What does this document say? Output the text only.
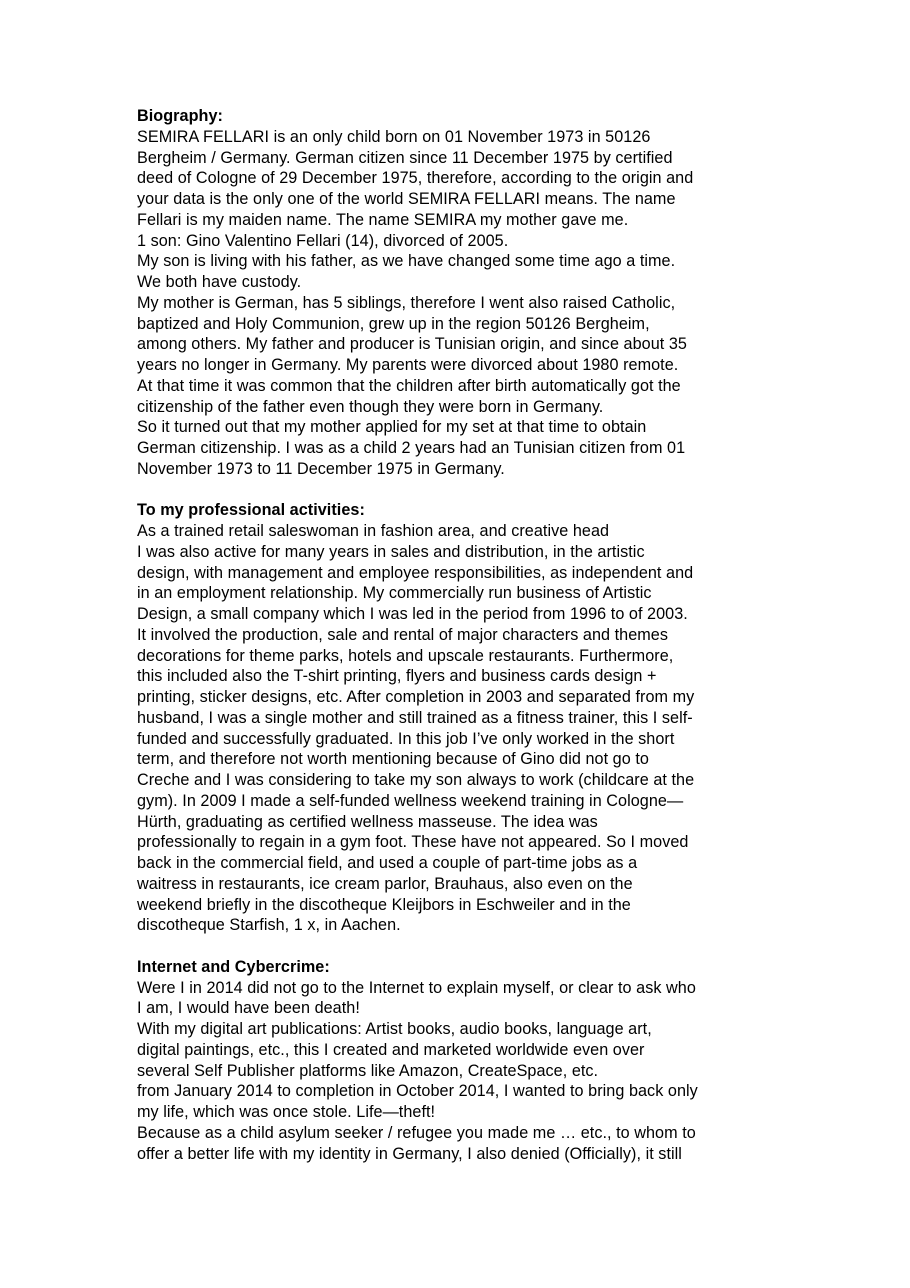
Biography:
SEMIRA FELLARI is an only child born on 01 November 1973 in 50126
Bergheim / Germany. German citizen since 11 December 1975 by certified
deed of Cologne of 29 December 1975, therefore, according to the origin and
your data is the only one of the world SEMIRA FELLARI means. The name
Fellari is my maiden name. The name SEMIRA my mother gave me.
1 son: Gino Valentino Fellari (14), divorced of 2005.
My son is living with his father, as we have changed some time ago a time.
We both have custody.
My mother is German, has 5 siblings, therefore I went also raised Catholic,
baptized and Holy Communion, grew up in the region 50126 Bergheim,
among others. My father and producer is Tunisian origin, and since about 35
years no longer in Germany. My parents were divorced about 1980 remote.
At that time it was common that the children after birth automatically got the
citizenship of the father even though they were born in Germany.
So it turned out that my mother applied for my set at that time to obtain
German citizenship. I was as a child 2 years had an Tunisian citizen from 01
November 1973 to 11 December 1975 in Germany.
To my professional activities:
As a trained retail saleswoman in fashion area, and creative head
I was also active for many years in sales and distribution, in the artistic
design, with management and employee responsibilities, as independent and
in an employment relationship. My commercially run business of Artistic
Design, a small company which I was led in the period from 1996 to of 2003.
It involved the production, sale and rental of major characters and themes
decorations for theme parks, hotels and upscale restaurants. Furthermore,
this included also the T-shirt printing, flyers and business cards design +
printing, sticker designs, etc. After completion in 2003 and separated from my
husband, I was a single mother and still trained as a fitness trainer, this I self-
funded and successfully graduated. In this job I’ve only worked in the short
term, and therefore not worth mentioning because of Gino did not go to
Creche and I was considering to take my son always to work (childcare at the
gym). In 2009 I made a self-funded wellness weekend training in Cologne—
Hürth, graduating as certified wellness masseuse. The idea was
professionally to regain in a gym foot. These have not appeared. So I moved
back in the commercial field, and used a couple of part-time jobs as a
waitress in restaurants, ice cream parlor, Brauhaus, also even on the
weekend briefly in the discotheque Kleijbors in Eschweiler and in the
discotheque Starfish, 1 x, in Aachen.
Internet and Cybercrime:
Were I in 2014 did not go to the Internet to explain myself, or clear to ask who
I am, I would have been death!
With my digital art publications: Artist books, audio books, language art,
digital paintings, etc., this I created and marketed worldwide even over
several Self Publisher platforms like Amazon, CreateSpace, etc.
from January 2014 to completion in October 2014, I wanted to bring back only
my life, which was once stole. Life—theft!
Because as a child asylum seeker / refugee you made me … etc., to whom to
offer a better life with my identity in Germany, I also denied (Officially), it still
